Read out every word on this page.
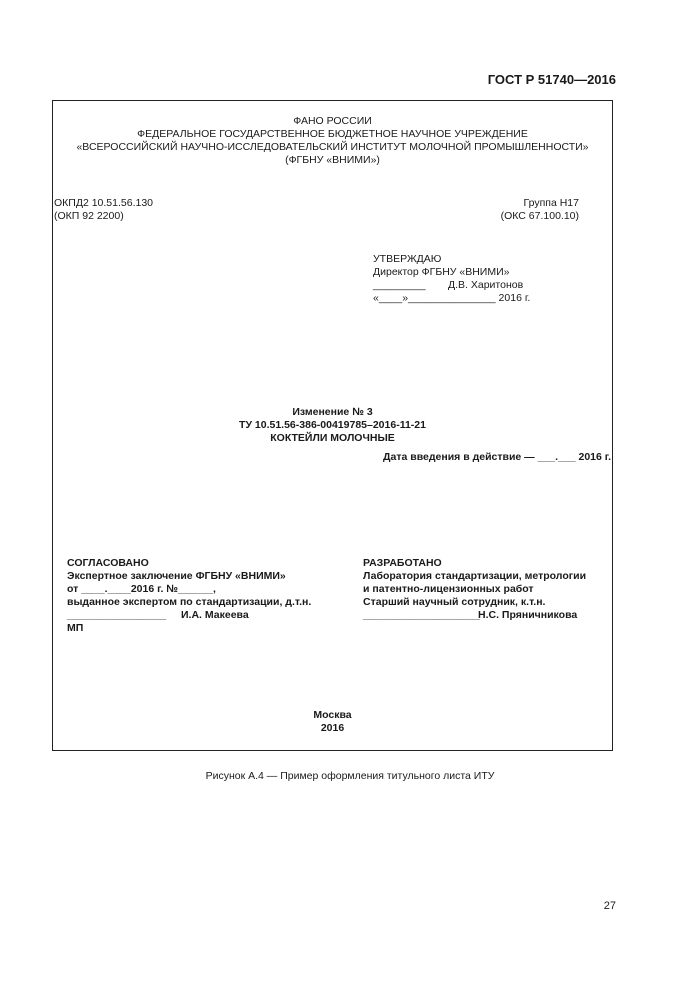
ГОСТ Р 51740—2016
ФАНО РОССИИ
ФЕДЕРАЛЬНОЕ ГОСУДАРСТВЕННОЕ БЮДЖЕТНОЕ НАУЧНОЕ УЧРЕЖДЕНИЕ
«ВСЕРОССИЙСКИЙ НАУЧНО-ИССЛЕДОВАТЕЛЬСКИЙ ИНСТИТУТ МОЛОЧНОЙ ПРОМЫШЛЕННОСТИ»
(ФГБНУ «ВНИМИ»)
ОКПД2 10.51.56.130
(ОКП 92 2200)
Группа Н17
(ОКС 67.100.10)
УТВЕРЖДАЮ
Директор ФГБНУ «ВНИМИ»
_________ Д.В. Харитонов
«____»_______________ 2016 г.
Изменение № 3
ТУ 10.51.56-386-00419785–2016-11-21
КОКТЕЙЛИ МОЛОЧНЫЕ
Дата введения в действие — ___.___ 2016 г.
СОГЛАСОВАНО
Экспертное заключение ФГБНУ «ВНИМИ»
от ____.____2016 г. №______,
выданное экспертом по стандартизации, д.т.н.
_________________ И.А. Макеева
МП
РАЗРАБОТАНО
Лаборатория стандартизации, метрологии
и патентно-лицензионных работ
Старший научный сотрудник, к.т.н.
____________________
Н.С. Пряничникова
Москва
2016
Рисунок А.4 — Пример оформления титульного листа ИТУ
27
